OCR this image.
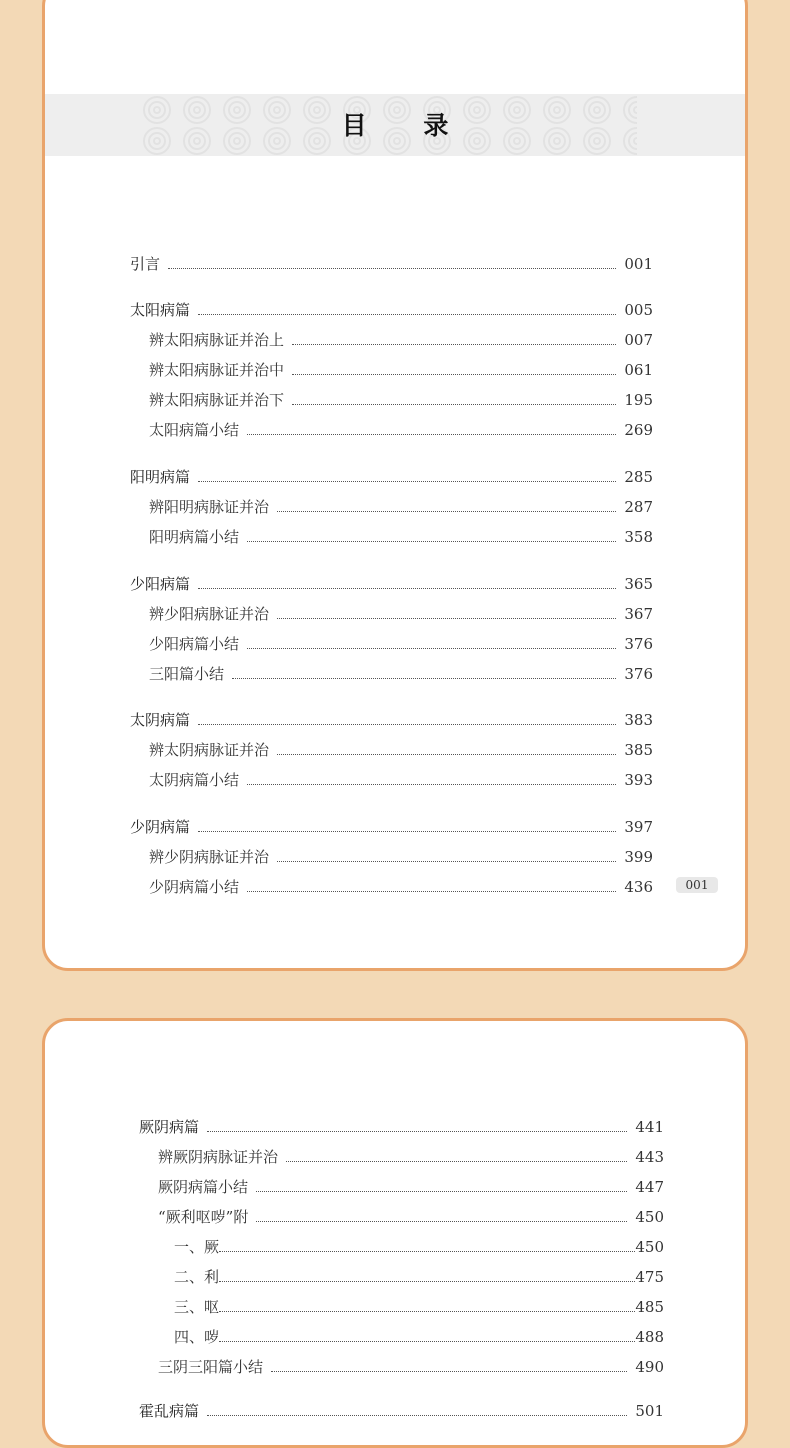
目 录
引言	001
太阳病篇	005
辨太阳病脉证并治上	007
辨太阳病脉证并治中	061
辨太阳病脉证并治下	195
太阳病篇小结	269
阳明病篇	285
辨阳明病脉证并治	287
阳明病篇小结	358
少阳病篇	365
辨少阳病脉证并治	367
少阳病篇小结	376
三阳篇小结	376
太阴病篇	383
辨太阴病脉证并治	385
太阴病篇小结	393
少阴病篇	397
辨少阴病脉证并治	399
少阴病篇小结	436
厥阴病篇	441
辨厥阴病脉证并治	443
厥阴病篇小结	447
“厥利呕哕”附	450
一、厥	450
二、利	475
三、呕	485
四、哕	488
三阴三阳篇小结	490
霍乱病篇	501
001
